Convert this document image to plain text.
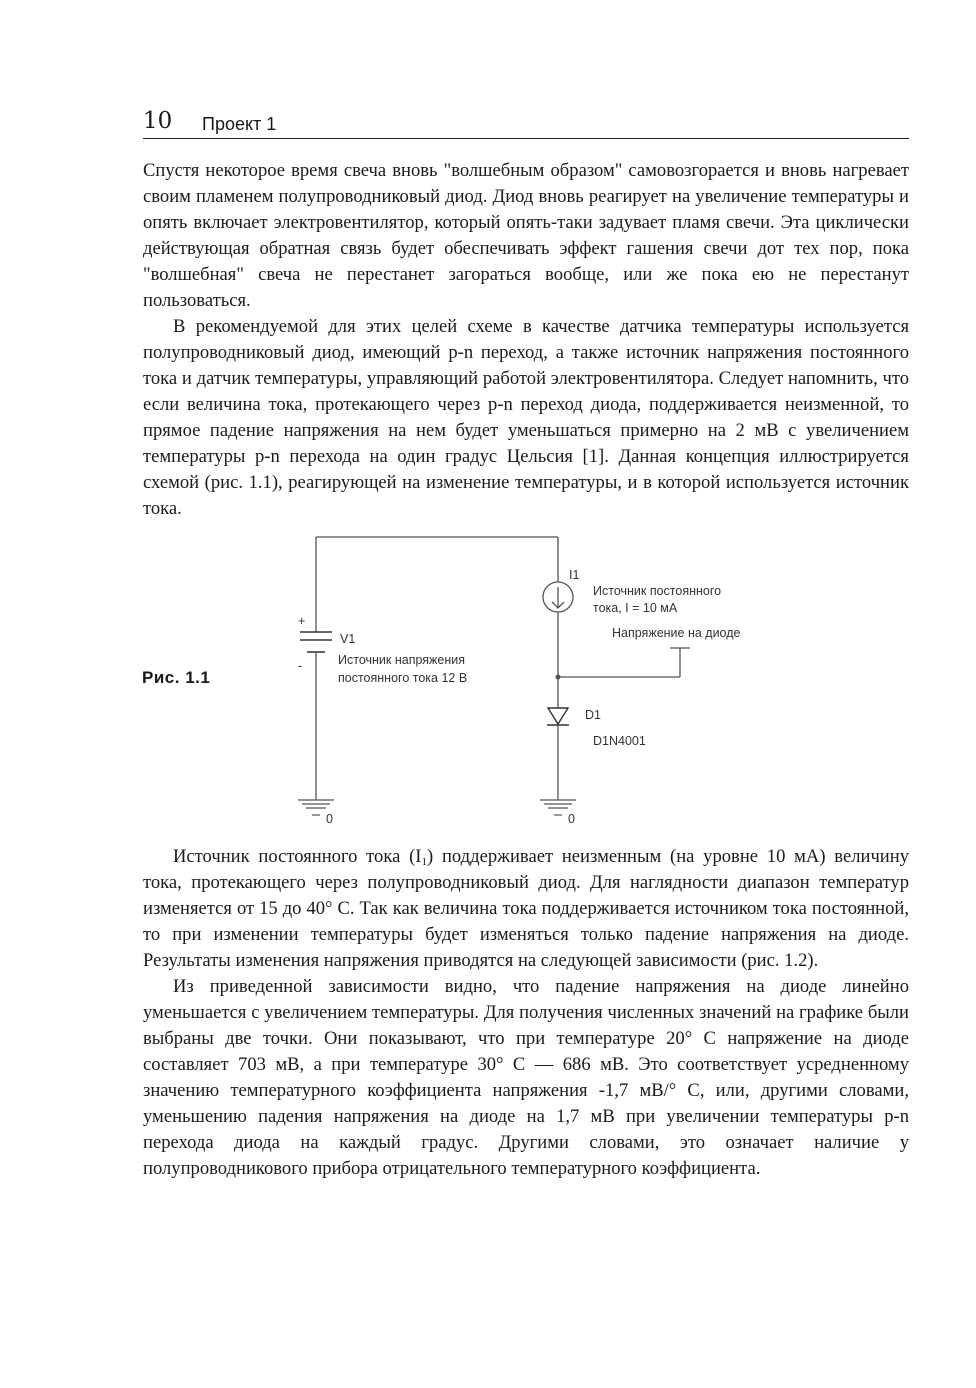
10 Проект 1

Спустя некоторое время свеча вновь "волшебным образом" самовозгорается и вновь нагревает своим пламенем полупроводниковый диод. Диод вновь реагирует на увеличение температуры и опять включает электровентилятор, который опять-таки задувает пламя свечи. Эта циклически действующая обратная связь будет обеспечивать эффект гашения свечи дот тех пор, пока "волшебная" свеча не перестанет загораться вообще, или же пока ею не перестанут пользоваться.

В рекомендуемой для этих целей схеме в качестве датчика температуры используется полупроводниковый диод, имеющий p-n переход, а также источник напряжения постоянного тока и датчик температуры, управляющий работой электровентилятора. Следует напомнить, что если величина тока, протекающего через p-n переход диода, поддерживается неизменной, то прямое падение напряжения на нем будет уменьшаться примерно на 2 мВ с увеличением температуры p-n перехода на один градус Цельсия [1]. Данная концепция иллюстрируется схемой (рис. 1.1), реагирующей на изменение температуры, и в которой используется источник тока.

Рис. 1.1
+
-
V1
Источник напряжения
постоянного тока 12 В
I1
Источник постоянного
тока, I = 10 мА
Напряжение на диоде
D1
D1N4001
0	0

Источник постоянного тока $(I_1)$ поддерживает неизменным (на уровне 10 мА) величину тока, протекающего через полупроводниковый диод. Для наглядности диапазон температур изменяется от 15 до 40° С. Так как величина тока поддерживается источником тока постоянной, то при изменении температуры будет изменяться только падение напряжения на диоде. Результаты изменения напряжения приводятся на следующей зависимости (рис. 1.2).

Из приведенной зависимости видно, что падение напряжения на диоде линейно уменьшается с увеличением температуры. Для получения численных значений на графике были выбраны две точки. Они показывают, что при температуре 20° С напряжение на диоде составляет 703 мВ, а при температуре 30° С — 686 мВ. Это соответствует усредненному значению температурного коэффициента напряжения -1,7 мВ/° С, или, другими словами, уменьшению падения напряжения на диоде на 1,7 мВ при увеличении температуры p-n перехода диода на каждый градус. Другими словами, это означает наличие у полупроводникового прибора отрицательного температурного коэффициента.
